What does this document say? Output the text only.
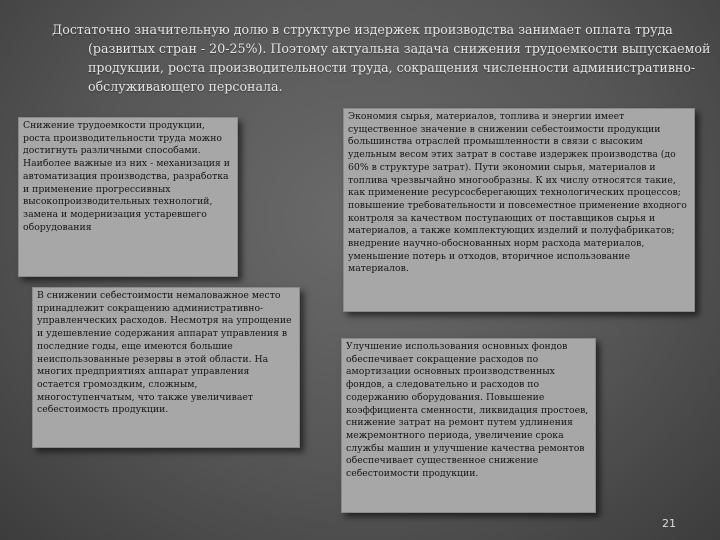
Достаточно значительную долю в структуре издержек производства занимает оплата труда (развитых стран - 20-25%). Поэтому актуальна задача снижения трудоемкости выпускаемой продукции, роста производительности труда, сокращения численности административно-обслуживающего персонала.

Снижение трудоемкости продукции, роста производительности труда можно достигнуть различными способами. Наиболее важные из них - механизация и автоматизация производства, разработка и применение прогрессивных высокопроизводительных технологий, замена и модернизация устаревшего оборудования

В снижении себестоимости немаловажное место принадлежит сокращению административно-управленческих расходов. Несмотря на упрощение и удешевление содержания аппарат управления в последние годы, еще имеются большие неиспользованные резервы в этой области. На многих предприятиях аппарат управления остается громоздким, сложным, многоступенчатым, что также увеличивает себестоимость продукции.

Экономия сырья, материалов, топлива и энергии имеет существенное значение в снижении себестоимости продукции большинства отраслей промышленности в связи с высоким удельным весом этих затрат в составе издержек производства (до 60% в структуре затрат). Пути экономии сырья, материалов и топлива чрезвычайно многообразны. К их числу относятся такие, как применение ресурсосберегающих технологических процессов; повышение требовательности и повсеместное применение входного контроля за качеством поступающих от поставщиков сырья и материалов, а также комплектующих изделий и полуфабрикатов; внедрение научно-обоснованных норм расхода материалов, уменьшение потерь и отходов, вторичное использование материалов.

Улучшение использования основных фондов обеспечивает сокращение расходов по амортизации основных производственных фондов, а следовательно и расходов по содержанию оборудования. Повышение коэффициента сменности, ликвидация простоев, снижение затрат на ремонт путем удлинения межремонтного периода, увеличение срока службы машин и улучшение качества ремонтов обеспечивает существенное снижение себестоимости продукции.

21
